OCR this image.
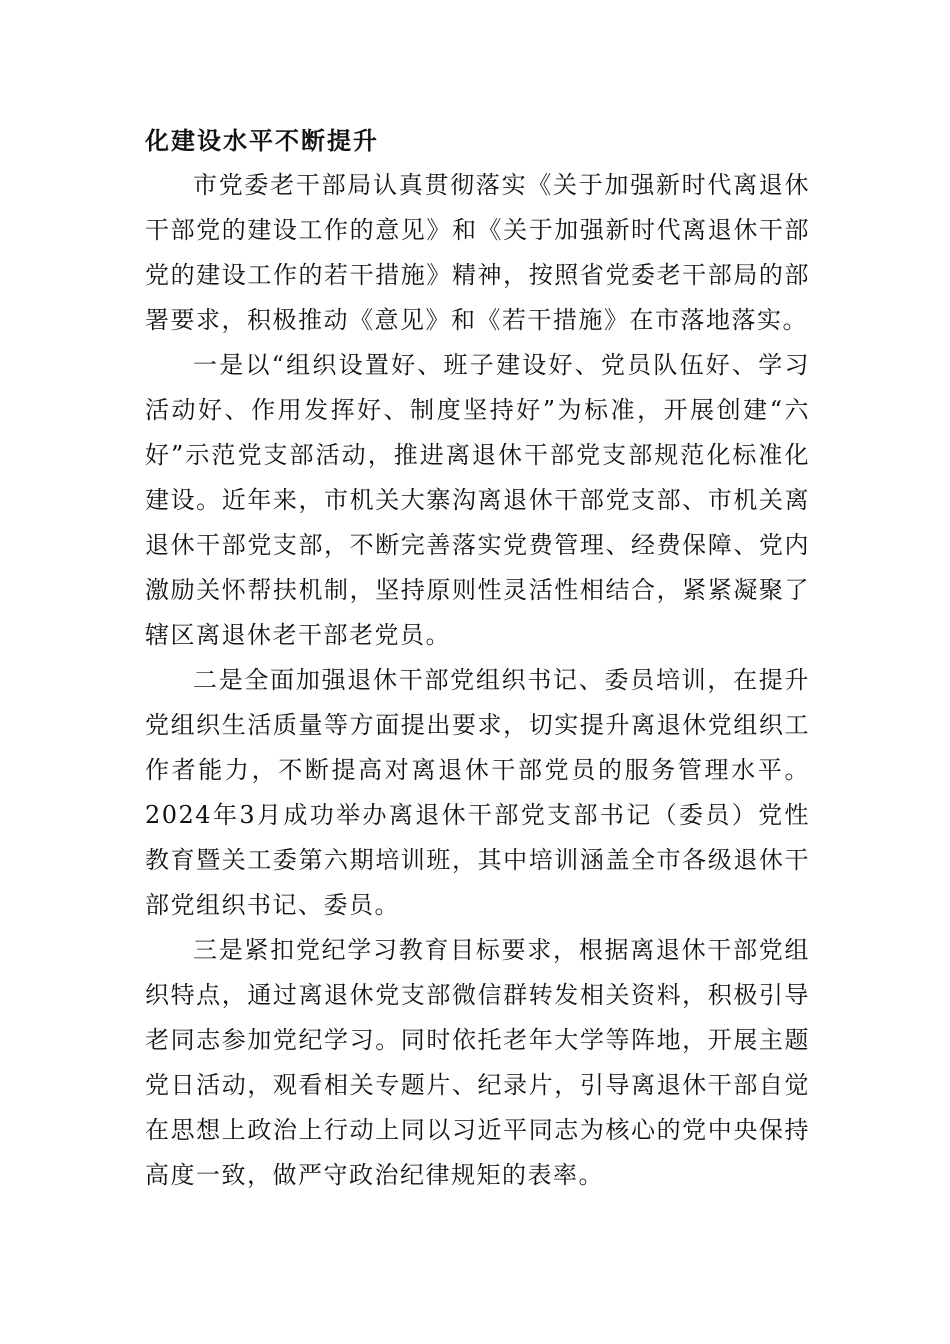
化建设水平不断提升

市党委老干部局认真贯彻落实《关于加强新时代离退休干部党的建设工作的意见》和《关于加强新时代离退休干部党的建设工作的若干措施》精神，按照省党委老干部局的部署要求，积极推动《意见》和《若干措施》在市落地落实。

一是以“组织设置好、班子建设好、党员队伍好、学习活动好、作用发挥好、制度坚持好”为标准，开展创建“六好”示范党支部活动，推进离退休干部党支部规范化标准化建设。近年来，市机关大寨沟离退休干部党支部、市机关离退休干部党支部，不断完善落实党费管理、经费保障、党内激励关怀帮扶机制，坚持原则性灵活性相结合，紧紧凝聚了辖区离退休老干部老党员。

二是全面加强退休干部党组织书记、委员培训，在提升党组织生活质量等方面提出要求，切实提升离退休党组织工作者能力，不断提高对离退休干部党员的服务管理水平。2024年3月成功举办离退休干部党支部书记（委员）党性教育暨关工委第六期培训班，其中培训涵盖全市各级退休干部党组织书记、委员。

三是紧扣党纪学习教育目标要求，根据离退休干部党组织特点，通过离退休党支部微信群转发相关资料，积极引导老同志参加党纪学习。同时依托老年大学等阵地，开展主题党日活动，观看相关专题片、纪录片，引导离退休干部自觉在思想上政治上行动上同以习近平同志为核心的党中央保持高度一致，做严守政治纪律规矩的表率。
